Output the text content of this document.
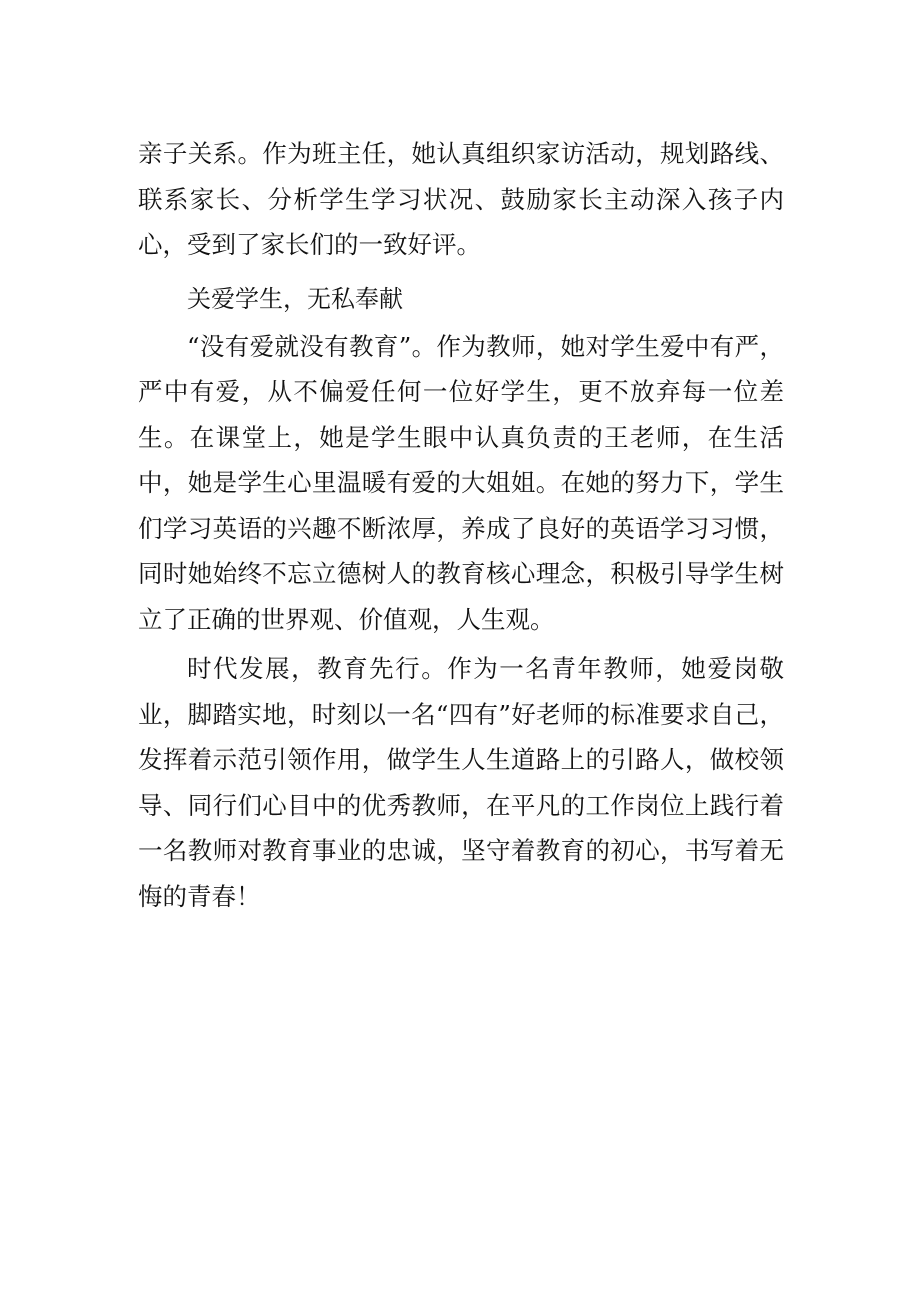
亲子关系。作为班主任，她认真组织家访活动，规划路线、联系家长、分析学生学习状况、鼓励家长主动深入孩子内心，受到了家长们的一致好评。

关爱学生，无私奉献

“没有爱就没有教育”。作为教师，她对学生爱中有严，严中有爱，从不偏爱任何一位好学生，更不放弃每一位差生。在课堂上，她是学生眼中认真负责的王老师，在生活中，她是学生心里温暖有爱的大姐姐。在她的努力下，学生们学习英语的兴趣不断浓厚，养成了良好的英语学习习惯，同时她始终不忘立德树人的教育核心理念，积极引导学生树立了正确的世界观、价值观，人生观。

时代发展，教育先行。作为一名青年教师，她爱岗敬业，脚踏实地，时刻以一名“四有”好老师的标准要求自己，发挥着示范引领作用，做学生人生道路上的引路人，做校领导、同行们心目中的优秀教师，在平凡的工作岗位上践行着一名教师对教育事业的忠诚，坚守着教育的初心，书写着无悔的青春！
